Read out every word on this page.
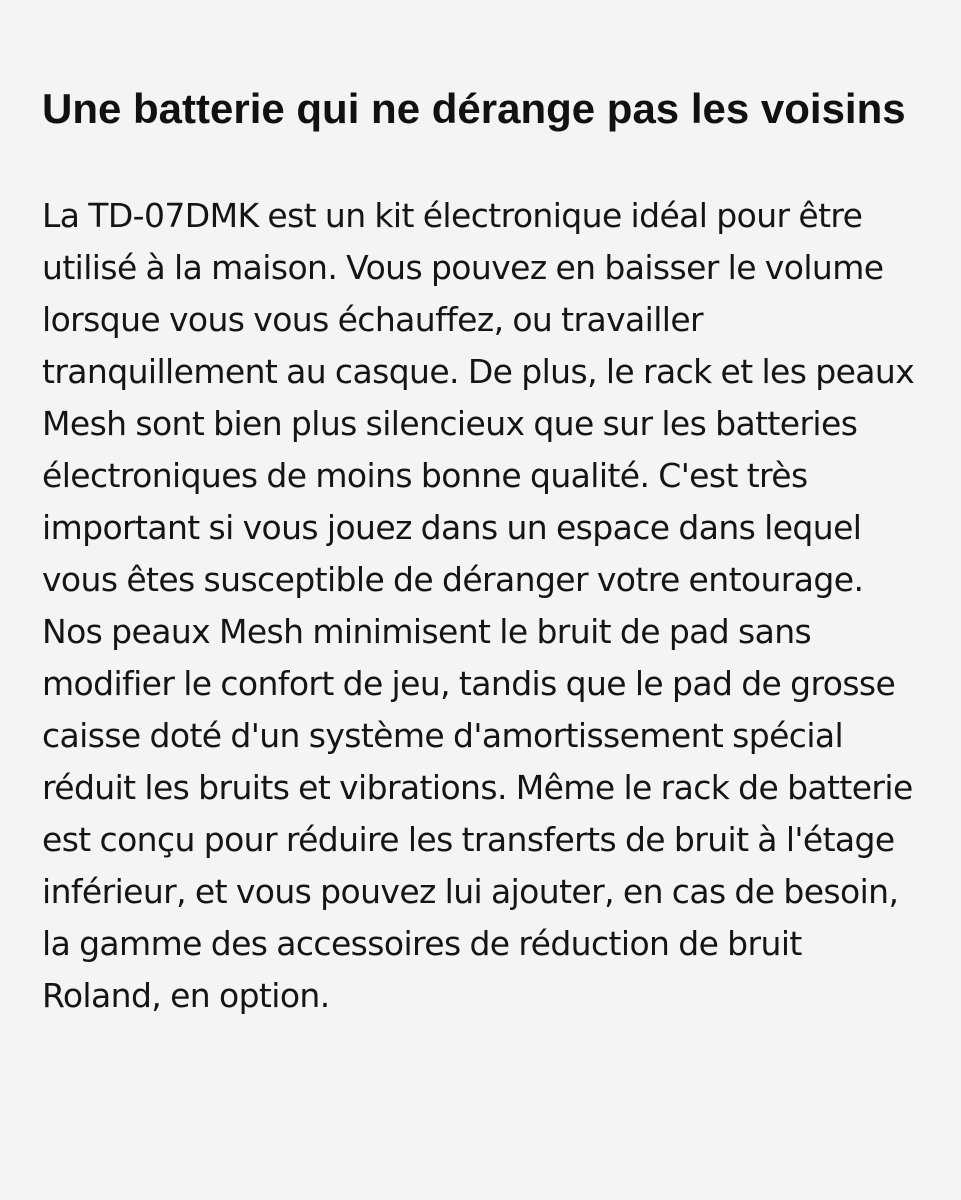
Une batterie qui ne dérange pas les voisins

La TD-07DMK est un kit électronique idéal pour être utilisé à la maison. Vous pouvez en baisser le volume lorsque vous vous échauffez, ou travailler tranquillement au casque. De plus, le rack et les peaux Mesh sont bien plus silencieux que sur les batteries électroniques de moins bonne qualité. C'est très important si vous jouez dans un espace dans lequel vous êtes susceptible de déranger votre entourage. Nos peaux Mesh minimisent le bruit de pad sans modifier le confort de jeu, tandis que le pad de grosse caisse doté d'un système d'amortissement spécial réduit les bruits et vibrations. Même le rack de batterie est conçu pour réduire les transferts de bruit à l'étage inférieur, et vous pouvez lui ajouter, en cas de besoin, la gamme des accessoires de réduction de bruit Roland, en option.
